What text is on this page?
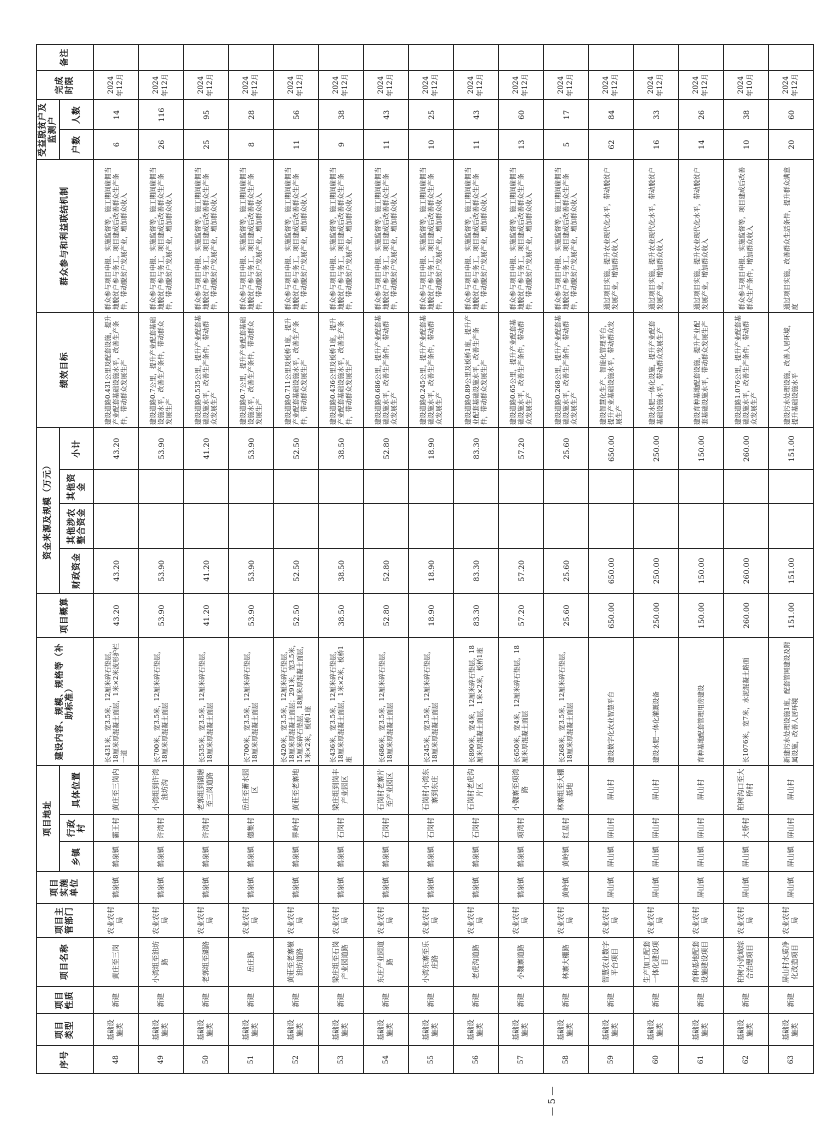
序号	项目类型	项目性质	项目名称	项目主管部门	项目实施单位	项目地址			建设内容、规模、规格等（补助标准）	项目概算	资金来源及规模（万元）				绩效目标	群众参与和利益联结机制	受益脱贫户及监测户		完成时限	备注
						乡镇	行政村	具体位置			财政资金	其他涉农整合资金	其他资金	小计			户数	人数		
48	基础设施类	新建	黄庄至三岗	农业农村局	鹤泉镇	鹤泉镇	霸王村	黄庄至三岗内	长431米，宽3.5米，12厘米碎石垫层，18厘米厚混凝土面层，1米×2米波形护栏一道	43.20	43.20			43.20	建设道路0.431公里及配套设施，提升产业配套基础设施水平，改善生产条件，带动群众发展生产	群众参与项目申报、实施监督等，施工期间雇佣当地脱贫户参与务工，项目建成后改善群众生产条件，带动脱贫户发展产业，增加群众收入	6	14	2024年12月	
49	基础设施类	新建	小湾组至油坊路	农业农村局	鹤泉镇	鹤泉镇	许湾村	小湾组到许湾油坊沟	长700米，宽3.5米，12厘米碎石垫层，18厘米厚混凝土面层	53.90	53.90			53.90	建设道路0.7公里，提升产业配套基础设施水平，改善生产条件，带动群众发展生产	群众参与项目申报、实施监督等，施工期间雇佣当地脱贫户参与务工，项目建成后改善群众生产条件，带动脱贫户发展产业，增加群众收入	26	116	2024年12月	
50	基础设施类	新建	老郭组至湖路	农业农村局	鹤泉镇	鹤泉镇	许湾村	老郭组到湖塘至三岗道路	长535米，宽3.5米，12厘米碎石垫层，18厘米厚混凝土面层	41.20	41.20			41.20	建设道路0.535公里，提升产业配套基础设施水平，改善生产条件，带动群众发展生产	群众参与项目申报、实施监督等，施工期间雇佣当地脱贫户参与务工，项目建成后改善群众生产条件，带动脱贫户发展产业，增加群众收入	25	95	2024年12月	
51	基础设施类	新建	岳庄路	农业农村局	鹤泉镇	鹤泉镇	德集村	岳庄至蓄水园区	长700米，宽3.5米，12厘米碎石垫层，18厘米厚混凝土面层	53.90	53.90			53.90	建设道路0.7公里，提升产业配套基础设施水平，改善生产条件，带动群众发展生产	群众参与项目申报、实施监督等，施工期间雇佣当地脱贫户参与务工，项目建成后改善群众生产条件，带动脱贫户发展产业，增加群众收入	8	28	2024年12月	
52	基础设施类	新建	黄莊至老寨嶺油坊道路	农业农村局	鹤泉镇	鹤泉镇	界岭村	黄莊至老寨地	长420米，宽3.5米，12厘米碎石垫层，18厘米厚混凝土面层；291米，宽3.5米，15厘米碎石垫层，18厘米厚混凝土面层，1米×2米，板桥1座	52.50	52.50			52.50	建设道路0.711公里及板桥1座，提升产业配套基础设施水平，改善生产条件，带动群众发展生产	群众参与项目申报、实施监督等，施工期间雇佣当地脱贫户参与务工，项目建成后改善群众生产条件，带动脱贫户发展产业，增加群众收入	11	56	2024年12月	
53	基础设施类	新建	梁庄组至石岗产业园道路	农业农村局	鹤泉镇	鹤泉镇	石岗村	梁庄组到岗丰产业园区	长436米，宽3.5米，12厘米碎石垫层，18厘米厚混凝土面层，1米×2米，板桥1座	38.50	38.50			38.50	建设道路0.436公里及板桥1座，提升产业配套基础设施水平，改善生产条件，带动群众发展生产	群众参与项目申报、实施监督等，施工期间雇佣当地脱贫户参与务工，项目建成后改善群众生产条件，带动脱贫户发展产业，增加群众收入	9	38	2024年12月	
54	基础设施类	新建	东庄产业园道路	农业农村局	鹤泉镇	鹤泉镇	石岗村	石岗村老寨片至产业园区	长686米，宽3.5米，12厘米碎石垫层，18厘米厚混凝土面层	52.80	52.80			52.80	建设道路0.686公里，提升产业配套基础设施水平，改善生产条件，带动群众发展生产	群众参与项目申报、实施监督等，施工期间雇佣当地脱贫户参与务工，项目建成后改善群众生产条件，带动脱贫户发展产业，增加群众收入	11	43	2024年12月	
55	基础设施类	新建	小湾东寨至乐庄路	农业农村局	鹤泉镇	鹤泉镇	石岗村	石岗村小湾东寨到东庄	长245米，宽3.5米，12厘米碎石垫层，18厘米厚混凝土面层	18.90	18.90			18.90	建设道路0.245公里，提升产业配套基础设施水平，改善生产条件，带动群众发展生产	群众参与项目申报、实施监督等，施工期间雇佣当地脱贫户参与务工，项目建成后改善群众生产条件，带动脱贫户发展产业，增加群众收入	10	25	2024年12月	
56	基础设施类	新建	老虎沟道路	农业农村局	鹤泉镇	鹤泉镇	石岗村	石岗村老虎沟片区	长890米，宽4米，12厘米碎石垫层，18厘米厚混凝土面层，1米×2米，板桥1座	83.30	83.30			83.30	建设道路0.89公里及板桥1座，提升产业配套基础设施水平，改善生产条件，带动群众发展生产	群众参与项目申报、实施监督等，施工期间雇佣当地脱贫户参与务工，项目建成后改善群众生产条件，带动脱贫户发展产业，增加群众收入	11	43	2024年12月	
57	基础设施类	新建	小魏寨道路	农业农村局	鹤泉镇	鹤泉镇	项湾村	小魏寨至项湾路	长650米，宽4米，12厘米碎石垫层，18厘米厚混凝土面层	57.20	57.20			57.20	建设道路0.65公里，提升产业配套基础设施水平，改善生产条件，带动群众发展生产	群众参与项目申报、实施监督等，施工期间雇佣当地脱贫户参与务工，项目建成后改善群众生产条件，带动脱贫户发展产业，增加群众收入	13	60	2024年12月	
58	基础设施类	新建	林寨大棚路	农业农村局	黄岭镇	黄岭镇	红星村	林寨组至大棚基地	长268米，宽3.5米，12厘米碎石垫层，18厘米厚混凝土面层	25.60	25.60			25.60	建设道路0.268公里，提升产业配套基础设施水平，改善生产条件，带动群众发展生产	群众参与项目申报、实施监督等，施工期间雇佣当地脱贫户参与务工，项目建成后改善群众生产条件，带动脱贫户发展产业，增加群众收入	5	17	2024年12月	
59	基础设施类	新建	智慧农业数字平台项目	农业农村局	屏山镇	屏山镇	屏山村	屏山村	建设数字化农业智慧平台	650.00	650.00			650.00	建设智慧化生产、智能化管理平台，提升产业基础设施水平，带动群众发展生产	通过项目实施，提升农业现代化水平，带动脱贫户发展产业，增加群众收入	62	84	2024年12月	
60	基础设施类	新建	生产加工配套一体化建设项目	农业农村局	屏山镇	屏山镇	屏山村	屏山村	建设水肥一体化灌溉设备	250.00	250.00			250.00	建设水肥一体化设施，提升产业配套基础设施水平，带动群众发展生产	通过项目实施，提升农业现代化水平，带动脱贫户发展产业，增加群众收入	16	33	2024年12月	
61	基础设施类	新建	育种基地配套设施建设项目	农业农村局	屏山镇	屏山镇	屏山村	屏山村	育种基地配套管理用房建设	150.00	150.00			150.00	建设育种基地配套设施，提升产业配套基础设施水平，带动群众发展生产	通过项目实施，提升农业现代化水平，带动脱贫户发展产业，增加群众收入	14	26	2024年12月	
62	基础设施类	新建	柏树小流域综合治理项目	农业农村局	屏山镇	屏山镇	大桥村	柏树沟口至大桥村	长1076米，宽7米，水泥混凝土路面	260.00	260.00			260.00	建设道路1.076公里，提升产业配套基础设施水平，改善生产条件，带动群众发展生产	群众参与项目申报、实施监督等，项目建成后改善群众生产条件，增加群众收入	10	38	2024年10月	
63	基础设施类	新建	屏山村水质净化改造项目	农业农村局	屏山镇	屏山镇	屏山村	屏山村	新建污水处理设施1座，配套管网建设及附属设施，改善人居环境	151.00	151.00			151.00	建设污水处理设施，改善人居环境，提升基础设施水平	通过项目实施，改善群众生活条件，提升群众满意度	20	60	2024年12月	
— 5 —
